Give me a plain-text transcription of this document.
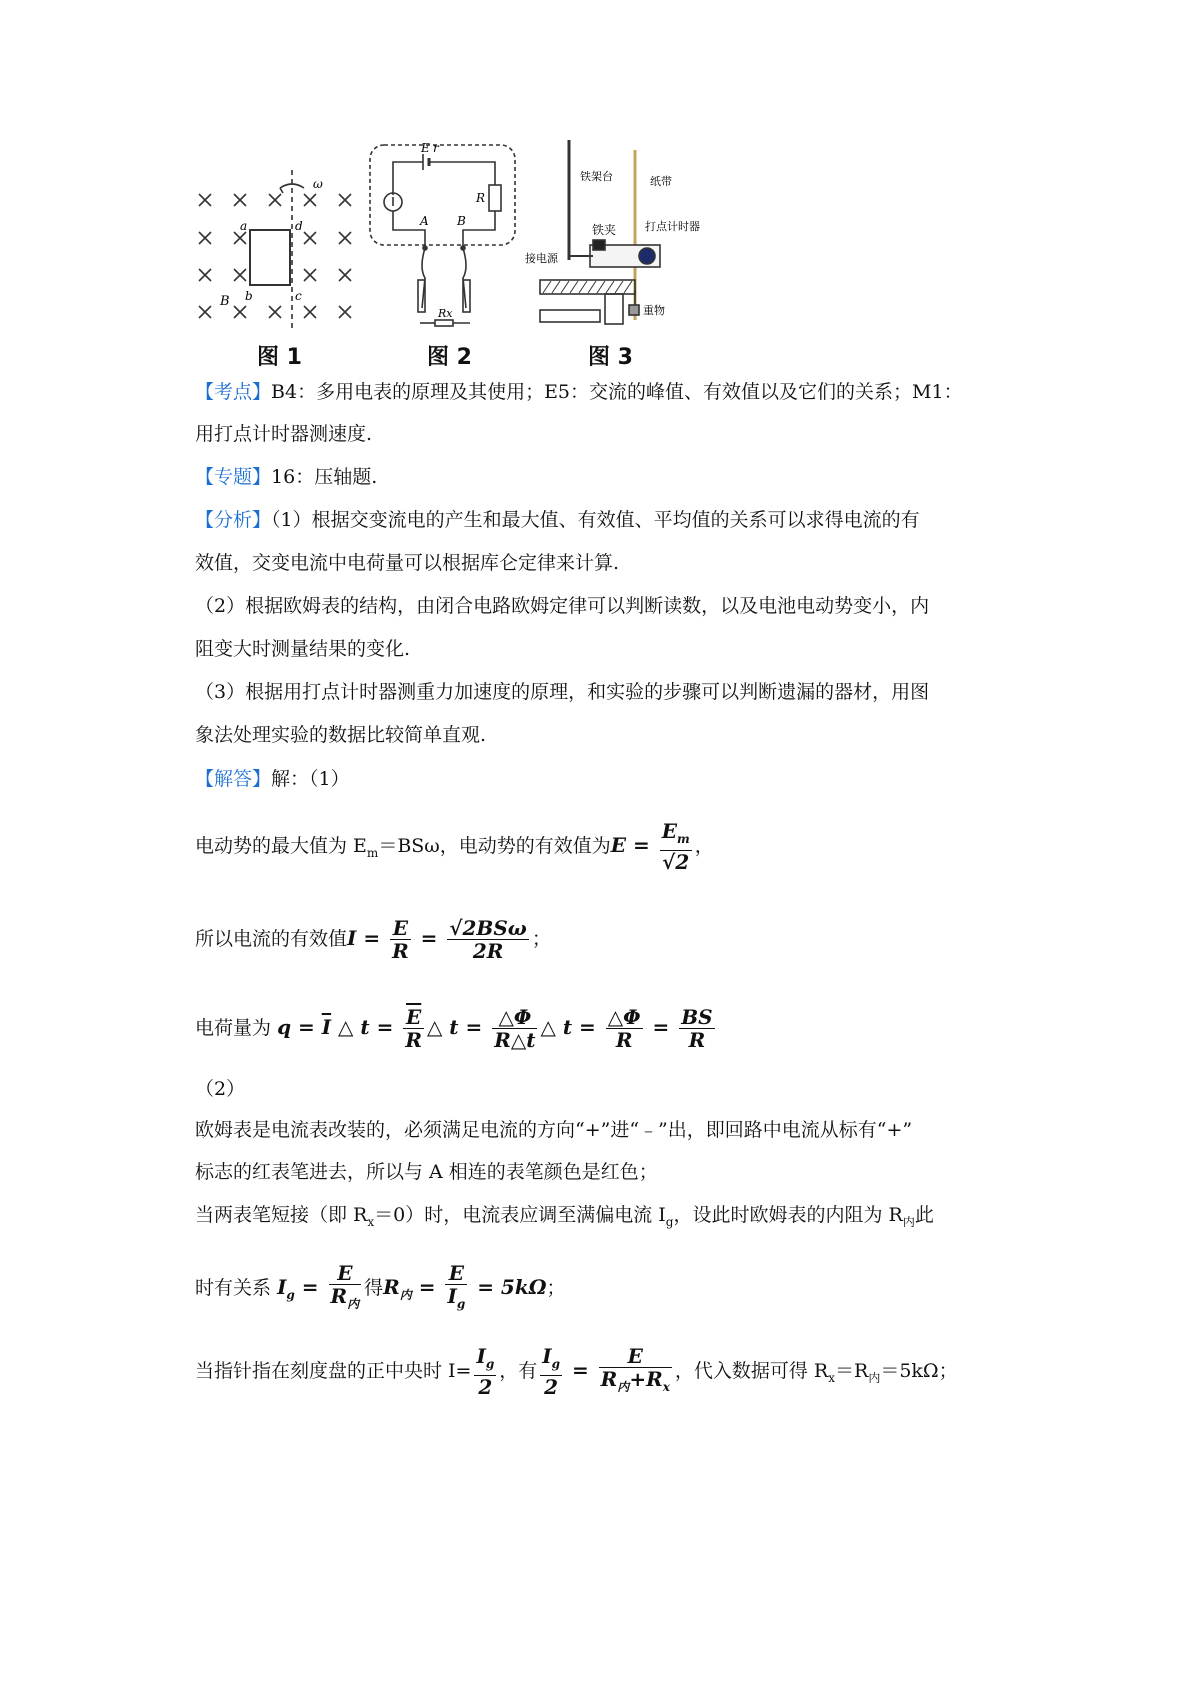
ω
a	d
b	c
B
E r
R
A B
Rx
铁架台	纸带
铁夹	打点计时器
接电源
重物
图 1	图 2	图 3
【考点】B4：多用电表的原理及其使用；E5：交流的峰值、有效值以及它们的关系；M1：
用打点计时器测速度.
【专题】16：压轴题.
【分析】（1）根据交变流电的产生和最大值、有效值、平均值的关系可以求得电流的有
效值，交变电流中电荷量可以根据库仑定律来计算.
（2）根据欧姆表的结构，由闭合电路欧姆定律可以判断读数，以及电池电动势变小，内
阻变大时测量结果的变化.
（3）根据用打点计时器测重力加速度的原理，和实验的步骤可以判断遗漏的器材，用图
象法处理实验的数据比较简单直观.
【解答】解：（1）
电动势的最大值为 $E_m=BS\omega$，电动势的有效值为$E = \frac{E_m}{√2}$ ，
所以电流的有效值$I = \frac{E}{R} = \frac{\text{√2BSω}}{2R}$ ；
电荷量为 $q = \overline{I}$ △ $t = \frac{\overline{E}}{R}$ △ $t = \frac{\triangle\Phi}{R\triangle t}$ △ $t = \frac{\triangle\Phi}{R} = \frac{BS}{R}$
（2）
欧姆表是电流表改装的，必须满足电流的方向“+”进“﹣”出，即回路中电流从标有“+”
标志的红表笔进去，所以与 A 相连的表笔颜色是红色；
当两表笔短接（即 $R_x=0$）时，电流表应调至满偏电流 $I_g$，设此时欧姆表的内阻为 $R_内$此
时有关系 $I_g = \frac{E}{R_内}$ 得$R_内 = \frac{E}{I_g} = 5k\Omega$；
当指针指在刻度盘的正中央时 $I= \frac{I_g}{2}$ ，有 $\frac{I_g}{2} = \frac{E}{R_内+R_x}$ ，代入数据可得 $R_x=R_内=5k\Omega$；
